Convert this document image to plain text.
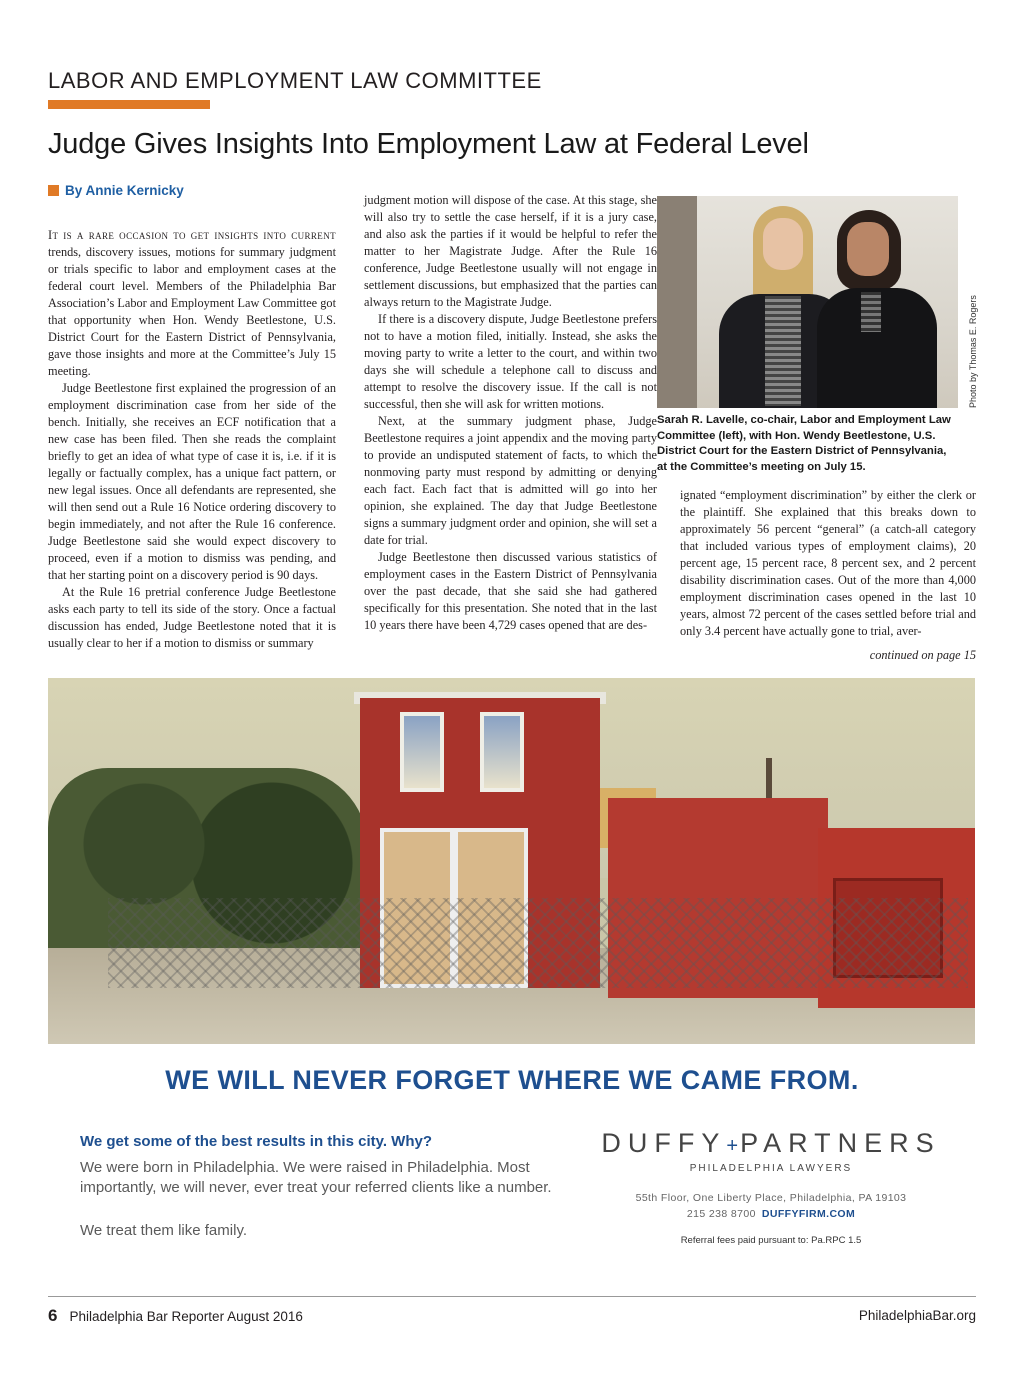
LABOR AND EMPLOYMENT LAW COMMITTEE
Judge Gives Insights Into Employment Law at Federal Level
By Annie Kernicky

It is a rare occasion to get insights into current trends, discovery issues, motions for summary judgment or trials specific to labor and employment cases at the federal court level. Members of the Philadelphia Bar Association’s Labor and Employment Law Committee got that opportunity when Hon. Wendy Beetlestone, U.S. District Court for the Eastern District of Pennsylvania, gave those insights and more at the Committee’s July 15 meeting.

Judge Beetlestone first explained the progression of an employment discrimination case from her side of the bench. Initially, she receives an ECF notification that a new case has been filed. Then she reads the complaint briefly to get an idea of what type of case it is, i.e. if it is legally or factually complex, has a unique fact pattern, or new legal issues. Once all defendants are represented, she will then send out a Rule 16 Notice ordering discovery to begin immediately, and not after the Rule 16 conference. Judge Beetlestone said she would expect discovery to proceed, even if a motion to dismiss was pending, and that her starting point on a discovery period is 90 days.

At the Rule 16 pretrial conference Judge Beetlestone asks each party to tell its side of the story. Once a factual discussion has ended, Judge Beetlestone noted that it is usually clear to her if a motion to dismiss or summary

judgment motion will dispose of the case. At this stage, she will also try to settle the case herself, if it is a jury case, and also ask the parties if it would be helpful to refer the matter to her Magistrate Judge. After the Rule 16 conference, Judge Beetlestone usually will not engage in settlement discussions, but emphasized that the parties can always return to the Magistrate Judge.

If there is a discovery dispute, Judge Beetlestone prefers not to have a motion filed, initially. Instead, she asks the moving party to write a letter to the court, and within two days she will schedule a telephone call to discuss and attempt to resolve the discovery issue. If the call is not successful, then she will ask for written motions.

Next, at the summary judgment phase, Judge Beetlestone requires a joint appendix and the moving party to provide an undisputed statement of facts, to which the nonmoving party must respond by admitting or denying each fact. Each fact that is admitted will go into her opinion, she explained. The day that Judge Beetlestone signs a summary judgment order and opinion, she will set a date for trial.

Judge Beetlestone then discussed various statistics of employment cases in the Eastern District of Pennsylvania over the past decade, that she said she had gathered specifically for this presentation. She noted that in the last 10 years there have been 4,729 cases opened that are des-

Photo by Thomas E. Rogers
Sarah R. Lavelle, co-chair, Labor and Employment Law Committee (left), with Hon. Wendy Beetlestone, U.S. District Court for the Eastern District of Pennsylvania, at the Committee’s meeting on July 15.

ignated “employment discrimination” by either the clerk or the plaintiff. She explained that this breaks down to approximately 56 percent “general” (a catch-all category that included various types of employment claims), 20 percent age, 15 percent race, 8 percent sex, and 2 percent disability discrimination cases. Out of the more than 4,000 employment discrimination cases opened in the last 10 years, almost 72 percent of the cases settled before trial and only 3.4 percent have actually gone to trial, aver-

continued on page 15
WE WILL NEVER FORGET WHERE WE CAME FROM.
We get some of the best results in this city. Why?
We were born in Philadelphia. We were raised in Philadelphia. Most importantly, we will never, ever treat your referred clients like a number.
We treat them like family.
DUFFY+PARTNERS
PHILADELPHIA LAWYERS
55th Floor, One Liberty Place, Philadelphia, PA 19103
215 238 8700 DUFFYFIRM.COM
Referral fees paid pursuant to: Pa.RPC 1.5
6 Philadelphia Bar Reporter August 2016	PhiladelphiaBar.org
